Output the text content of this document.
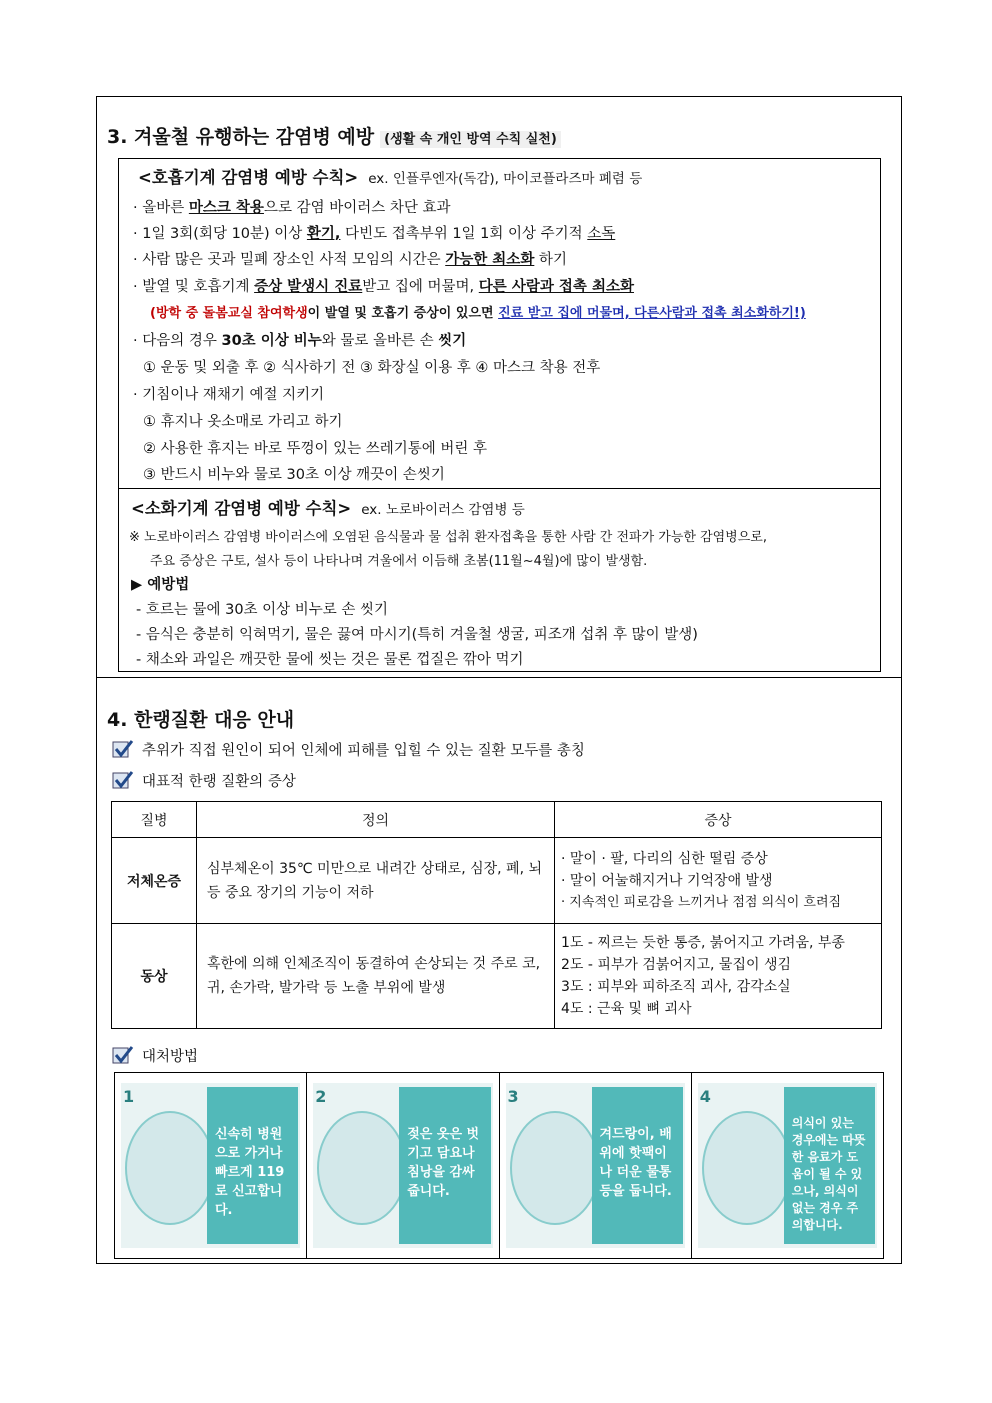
3. 겨울철 유행하는 감염병 예방 (생활 속 개인 방역 수칙 실천)
<호흡기계 감염병 예방 수칙> ex. 인플루엔자(독감), 마이코플라즈마 폐렴 등
· 올바른 마스크 착용으로 감염 바이러스 차단 효과
· 1일 3회(회당 10분) 이상 환기, 다빈도 접촉부위 1일 1회 이상 주기적 소독
· 사람 많은 곳과 밀폐 장소인 사적 모임의 시간은 가능한 최소화 하기
· 발열 및 호흡기계 증상 발생시 진료받고 집에 머물며, 다른 사람과 접촉 최소화
(방학 중 돌봄교실 참여학생이 발열 및 호흡기 증상이 있으면 진료 받고 집에 머물며, 다른사람과 접촉 최소화하기!)
· 다음의 경우 30초 이상 비누와 물로 올바른 손 씻기
① 운동 및 외출 후 ② 식사하기 전 ③ 화장실 이용 후 ④ 마스크 착용 전후
· 기침이나 재채기 예절 지키기
① 휴지나 옷소매로 가리고 하기
② 사용한 휴지는 바로 뚜껑이 있는 쓰레기통에 버린 후
③ 반드시 비누와 물로 30초 이상 깨끗이 손씻기
<소화기계 감염병 예방 수칙> ex. 노로바이러스 감염병 등
※ 노로바이러스 감염병 바이러스에 오염된 음식물과 물 섭취 환자접촉을 통한 사람 간 전파가 가능한 감염병으로,
주요 증상은 구토, 설사 등이 나타나며 겨울에서 이듬해 초봄(11월~4월)에 많이 발생함.
▶ 예방법
- 흐르는 물에 30초 이상 비누로 손 씻기
- 음식은 충분히 익혀먹기, 물은 끓여 마시기(특히 겨울철 생굴, 피조개 섭취 후 많이 발생)
- 채소와 과일은 깨끗한 물에 씻는 것은 물론 껍질은 깎아 먹기
4. 한랭질환 대응 안내
추위가 직접 원인이 되어 인체에 피해를 입힐 수 있는 질환 모두를 총칭
대표적 한랭 질환의 증상
질병	정의	증상
저체온증	심부체온이 35℃ 미만으로 내려간 상태로, 심장, 폐, 뇌 등 중요 장기의 기능이 저하	· 말이 · 팔, 다리의 심한 떨림 증상
· 말이 어눌해지거나 기억장애 발생
· 지속적인 피로감을 느끼거나 점점 의식이 흐려짐

동상	혹한에 의해 인체조직이 동결하여 손상되는 것 주로 코, 귀, 손가락, 발가락 등 노출 부위에 발생	1도 - 찌르는 듯한 통증, 붉어지고 가려움, 부종
2도 - 피부가 검붉어지고, 물집이 생김
3도 : 피부와 피하조직 괴사, 감각소실
4도 : 근육 및 뼈 괴사
대처방법
신속히 병원으로 가거나 빠르게 119로 신고합니다.
1
젖은 옷은 벗기고 담요나 침낭을 감싸줍니다.
2
겨드랑이, 배 위에 핫팩이나 더운 물통 등을 둡니다.
3
의식이 있는 경우에는 따뜻한 음료가 도움이 될 수 있으나, 의식이 없는 경우 주의합니다.
4
